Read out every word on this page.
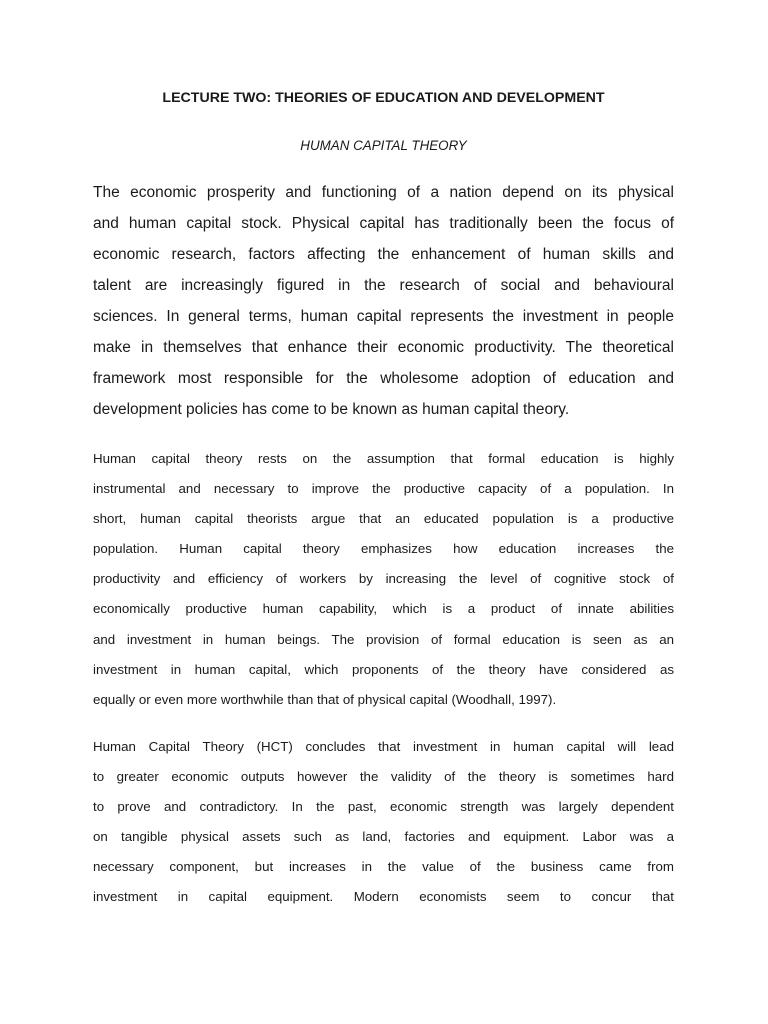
LECTURE TWO: THEORIES OF EDUCATION AND DEVELOPMENT
HUMAN CAPITAL THEORY
The economic prosperity and functioning of a nation depend on its physical
and human capital stock. Physical capital has traditionally been the focus of
economic research, factors affecting the enhancement of human skills and
talent are increasingly figured in the research of social and behavioural
sciences. In general terms, human capital represents the investment in people
make in themselves that enhance their economic productivity. The theoretical
framework most responsible for the wholesome adoption of education and
development policies has come to be known as human capital theory.
Human capital theory rests on the assumption that formal education is highly
instrumental and necessary to improve the productive capacity of a population. In
short, human capital theorists argue that an educated population is a productive
population. Human capital theory emphasizes how education increases the
productivity and efficiency of workers by increasing the level of cognitive stock of
economically productive human capability, which is a product of innate abilities
and investment in human beings. The provision of formal education is seen as an
investment in human capital, which proponents of the theory have considered as
equally or even more worthwhile than that of physical capital (Woodhall, 1997).
Human Capital Theory (HCT) concludes that investment in human capital will lead
to greater economic outputs however the validity of the theory is sometimes hard
to prove and contradictory. In the past, economic strength was largely dependent
on tangible physical assets such as land, factories and equipment. Labor was a
necessary component, but increases in the value of the business came from
investment in capital equipment. Modern economists seem to concur that
